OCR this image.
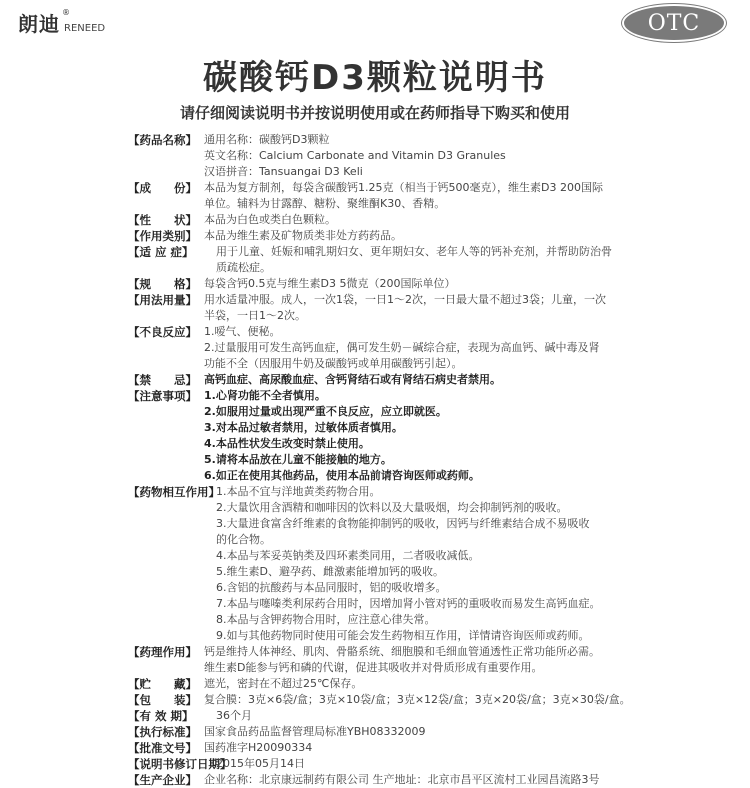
朗迪 ®
RENEED	OTC
碳酸钙D3颗粒说明书
请仔细阅读说明书并按说明使用或在药师指导下购买和使用
【药品名称】 通用名称：碳酸钙D3颗粒
英文名称：Calcium Carbonate and Vitamin D3 Granules
汉语拼音：Tansuangai D3 Keli
【成　　份】 本品为复方制剂，每袋含碳酸钙1.25克（相当于钙500毫克），维生素D3 200国际
单位。辅料为甘露醇、糖粉、聚维酮K30、香精。
【性　　状】 本品为白色或类白色颗粒。
【作用类别】 本品为维生素及矿物质类非处方药药品。
【适 应 症】	用于儿童、妊娠和哺乳期妇女、更年期妇女、老年人等的钙补充剂，并帮助防治骨
质疏松症。
【规　　格】 每袋含钙0.5克与维生素D3 5微克（200国际单位）
【用法用量】 用水适量冲服。成人，一次1袋，一日1～2次，一日最大量不超过3袋；儿童，一次
半袋，一日1～2次。
【不良反应】 1.嗳气、便秘。
2.过量服用可发生高钙血症，偶可发生奶－碱综合症，表现为高血钙、碱中毒及肾
功能不全（因服用牛奶及碳酸钙或单用碳酸钙引起）。
【禁　　忌】 高钙血症、高尿酸血症、含钙肾结石或有肾结石病史者禁用。
【注意事项】 1.心肾功能不全者慎用。
2.如服用过量或出现严重不良反应，应立即就医。
3.对本品过敏者禁用，过敏体质者慎用。
4.本品性状发生改变时禁止使用。
5.请将本品放在儿童不能接触的地方。
6.如正在使用其他药品，使用本品前请咨询医师或药师。
【药物相互作用】
1.本品不宜与洋地黄类药物合用。
2.大量饮用含酒精和咖啡因的饮料以及大量吸烟，均会抑制钙剂的吸收。
3.大量进食富含纤维素的食物能抑制钙的吸收，因钙与纤维素结合成不易吸收
的化合物。
4.本品与苯妥英钠类及四环素类同用，二者吸收减低。
5.维生素D、避孕药、雌激素能增加钙的吸收。
6.含铝的抗酸药与本品同服时，铝的吸收增多。
7.本品与噻嗪类利尿药合用时，因增加肾小管对钙的重吸收而易发生高钙血症。
8.本品与含钾药物合用时，应注意心律失常。
9.如与其他药物同时使用可能会发生药物相互作用，详情请咨询医师或药师。
【药理作用】 钙是维持人体神经、肌肉、骨骼系统、细胞膜和毛细血管通透性正常功能所必需。
维生素D能参与钙和磷的代谢，促进其吸收并对骨质形成有重要作用。
【贮　　藏】 遮光，密封在不超过25℃保存。
【包　　装】 复合膜：3克×6袋/盒；3克×10袋/盒；3克×12袋/盒；3克×20袋/盒；3克×30袋/盒。
【有 效 期】	36个月
【执行标准】 国家食品药品监督管理局标准YBH08332009
【批准文号】 国药准字H20090334
【说明书修订日期】
2015年05月14日
【生产企业】 企业名称：北京康远制药有限公司 生产地址：北京市昌平区流村工业园昌流路3号
